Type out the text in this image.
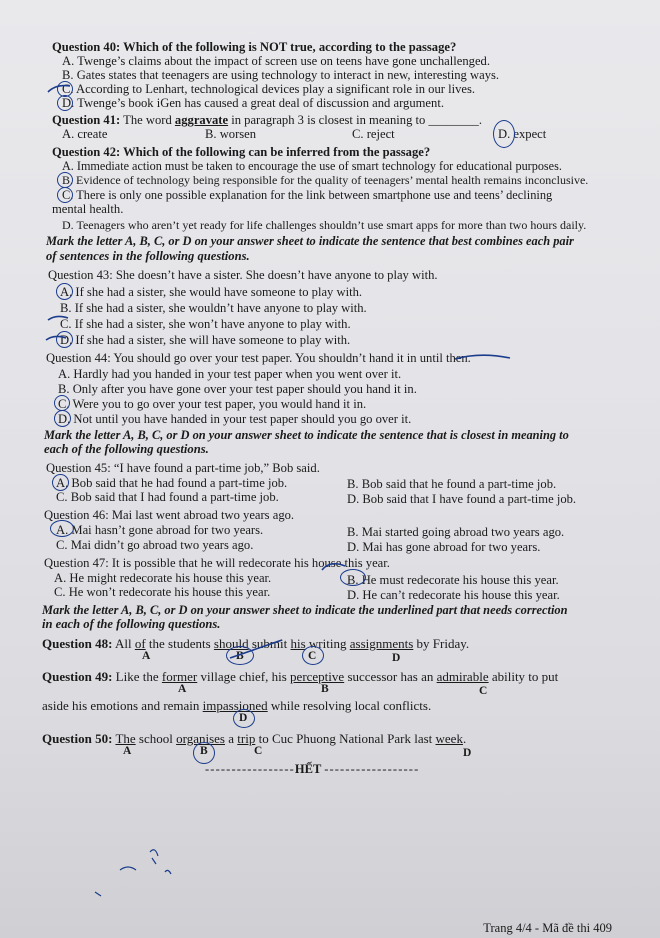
Question 40: Which of the following is NOT true, according to the passage?
A. Twenge’s claims about the impact of screen use on teens have gone unchallenged.
B. Gates states that teenagers are using technology to interact in new, interesting ways.
C. According to Lenhart, technological devices play a significant role in our lives.
D. Twenge’s book iGen has caused a great deal of discussion and argument.
Question 41: The word aggravate in paragraph 3 is closest in meaning to ________.
A. create	B. worsen	C. reject	D. expect
Question 42: Which of the following can be inferred from the passage?
A. Immediate action must be taken to encourage the use of smart technology for educational purposes.
B. Evidence of technology being responsible for the quality of teenagers’ mental health remains inconclusive.
C. There is only one possible explanation for the link between smartphone use and teens’ declining
mental health.
D. Teenagers who aren’t yet ready for life challenges shouldn’t use smart apps for more than two hours daily.
Mark the letter A, B, C, or D on your answer sheet to indicate the sentence that best combines each pair
of sentences in the following questions.
Question 43: She doesn’t have a sister. She doesn’t have anyone to play with.
A. If she had a sister, she would have someone to play with.
B. If she had a sister, she wouldn’t have anyone to play with.
C. If she had a sister, she won’t have anyone to play with.
D. If she had a sister, she will have someone to play with.
Question 44: You should go over your test paper. You shouldn’t hand it in until then.
A. Hardly had you handed in your test paper when you went over it.
B. Only after you have gone over your test paper should you hand it in.
C. Were you to go over your test paper, you would hand it in.
D. Not until you have handed in your test paper should you go over it.
Mark the letter A, B, C, or D on your answer sheet to indicate the sentence that is closest in meaning to
each of the following questions.
Question 45: “I have found a part-time job,” Bob said.
A. Bob said that he had found a part-time job.	B. Bob said that he found a part-time job.
C. Bob said that I had found a part-time job.	D. Bob said that I have found a part-time job.
Question 46: Mai last went abroad two years ago.
A. Mai hasn’t gone abroad for two years.	B. Mai started going abroad two years ago.
C. Mai didn’t go abroad two years ago.	D. Mai has gone abroad for two years.
Question 47: It is possible that he will redecorate his house this year.
A. He might redecorate his house this year.	B. He must redecorate his house this year.
C. He won’t redecorate his house this year.	D. He can’t redecorate his house this year.
Mark the letter A, B, C, or D on your answer sheet to indicate the underlined part that needs correction
in each of the following questions.
Question 48: All of the students should submit his writing assignments by Friday.
A	B	C	D
Question 49: Like the former village chief, his perceptive successor has an admirable ability to put
A	B	C
aside his emotions and remain impassioned while resolving local conflicts.
D
Question 50: The school organises a trip to Cuc Phuong National Park last week.
A	B	C	D
- - - - - - - - - - - - - - - - - HẾT - - - - - - - - - - - - - - - - - -
Trang 4/4 - Mã đề thi 409
